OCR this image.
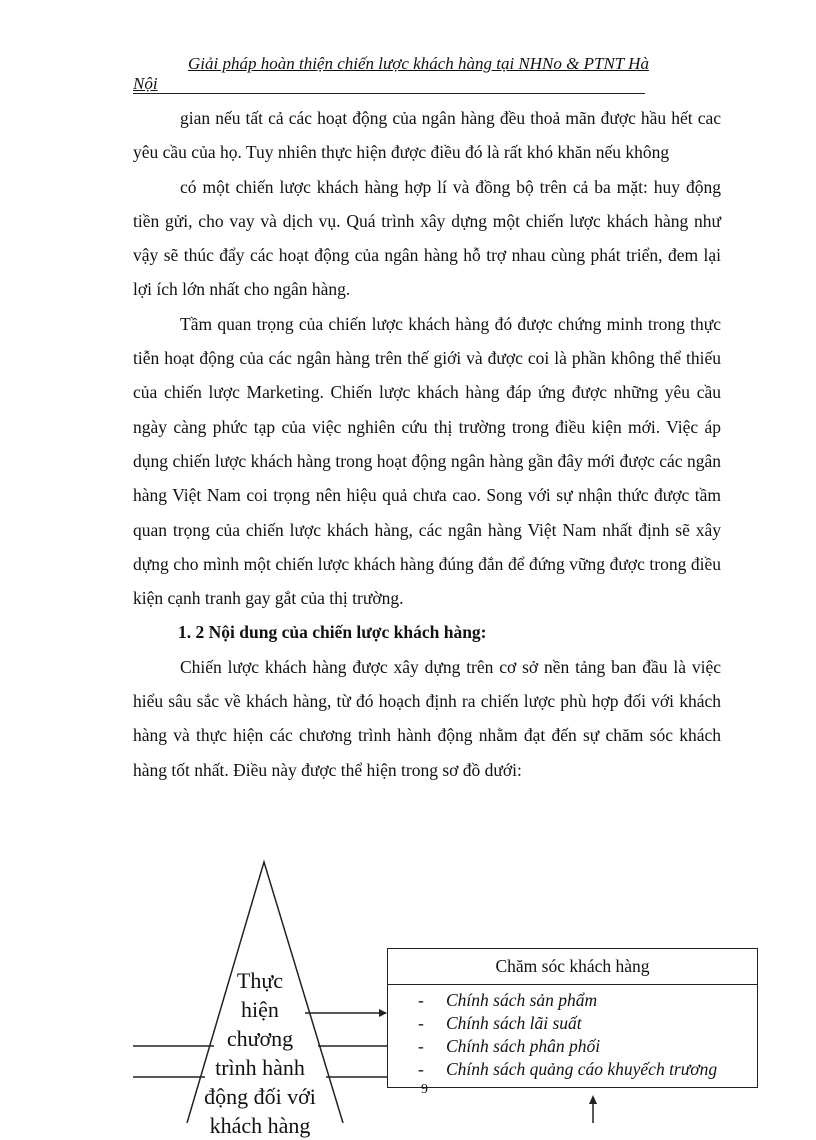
Giải pháp hoàn thiện chiến lược khách hàng tại NHNo & PTNT Hà
Nội

gian nếu tất cả các hoạt động của ngân hàng đều thoả mãn được hầu hết cac yêu cầu của họ. Tuy nhiên thực hiện được điều đó là rất khó khăn nếu không

có một chiến lược khách hàng hợp lí và đồng bộ trên cả ba mặt: huy động tiền gửi, cho vay và dịch vụ. Quá trình xây dựng một chiến lược khách hàng như vậy sẽ thúc đẩy các hoạt động của ngân hàng hỗ trợ nhau cùng phát triển, đem lại lợi ích lớn nhất cho ngân hàng.

Tầm quan trọng của chiến lược khách hàng đó được chứng minh trong thực tiễn hoạt động của các ngân hàng trên thế giới và được coi là phần không thể thiếu của chiến lược Marketing. Chiến lược khách hàng đáp ứng được những yêu cầu ngày càng phức tạp của việc nghiên cứu thị trường trong điều kiện mới. Việc áp dụng chiến lược khách hàng trong hoạt động ngân hàng gần đây mới được các ngân hàng Việt Nam coi trọng nên hiệu quả chưa cao. Song với sự nhận thức được tầm quan trọng của chiến lược khách hàng, các ngân hàng Việt Nam nhất định sẽ xây dựng cho mình một chiến lược khách hàng đúng đắn để đứng vững được trong điều kiện cạnh tranh gay gắt của thị trường.

1. 2 Nội dung của chiến lược khách hàng:

Chiến lược khách hàng được xây dựng trên cơ sở nền tảng ban đầu là việc hiểu sâu sắc về khách hàng, từ đó hoạch định ra chiến lược phù hợp đối với khách hàng và thực hiện các chương trình hành động nhằm đạt đến sự chăm sóc khách hàng tốt nhất. Điều này được thể hiện trong sơ đồ dưới:

Thực
hiện
chương
trình hành
động đối với
khách hàng
Chăm sóc khách hàng
- Chính sách sản phẩm
- Chính sách lãi suất
- Chính sách phân phối
- Chính sách quảng cáo khuyếch trương
9
